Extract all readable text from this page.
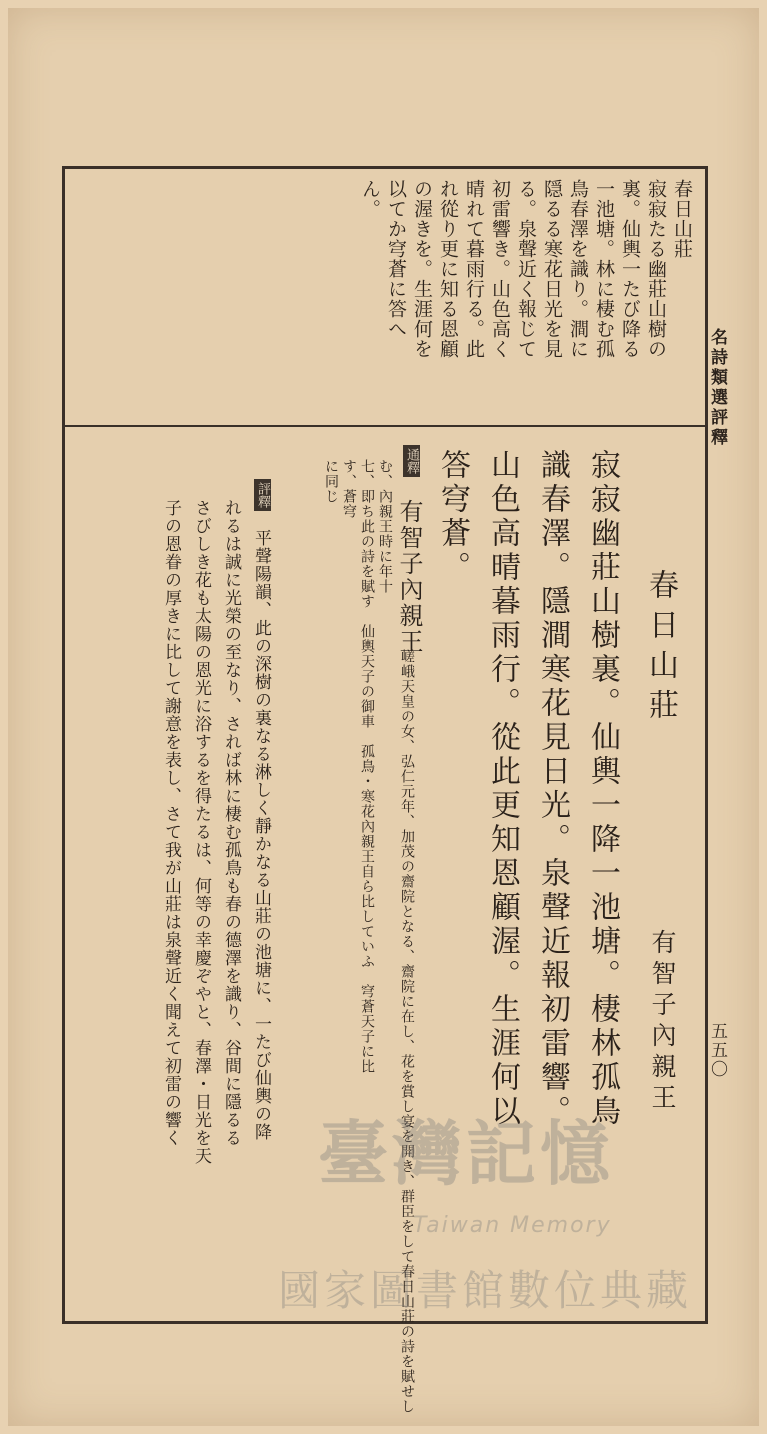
名詩類選評釋
五五〇
春日山莊
寂寂たる幽莊山樹の
裏。仙輿一たび降る
一池塘。林に棲む孤
鳥春澤を識り。澗に
隠るる寒花日光を見
る。泉聲近く報じて
初雷響き。山色高く
晴れて暮雨行る。此
れ從り更に知る恩顧
の渥きを。生涯何を
以てか穹蒼に答へ
ん。
春日山莊
有智子內親王
寂寂幽莊山樹裏。仙輿一降一池塘。棲林孤鳥
識春澤。隱澗寒花見日光。泉聲近報初雷響。
山色高晴暮雨行。從此更知恩顧渥。生涯何以
答穹蒼。
通釋
有智子內親王
嵯峨天皇の女、弘仁元年、加茂の齋院となる、齋院に在し、花を賞し宴を開き、群臣をして春日山莊の詩を賦せし
む、內親王時に年十
七、即ち此の詩を賦す　仙輿天子の御車　孤鳥・寒花內親王自ら比していふ　穹蒼天子に比
す、蒼穹
に同じ
評釋
平聲陽韻、此の深樹の裏なる淋しく靜かなる山莊の池塘に、一たび仙輿の降
れるは誠に光榮の至なり、されば林に棲む孤鳥も春の德澤を識り、谷間に隱るる
さびしき花も太陽の恩光に浴するを得たるは、何等の幸慶ぞやと、春澤・日光を天
子の恩眷の厚きに比して謝意を表し、さて我が山莊は泉聲近く聞えて初雷の響く
臺灣記憶
Taiwan Memory
國家圖書館數位典藏
